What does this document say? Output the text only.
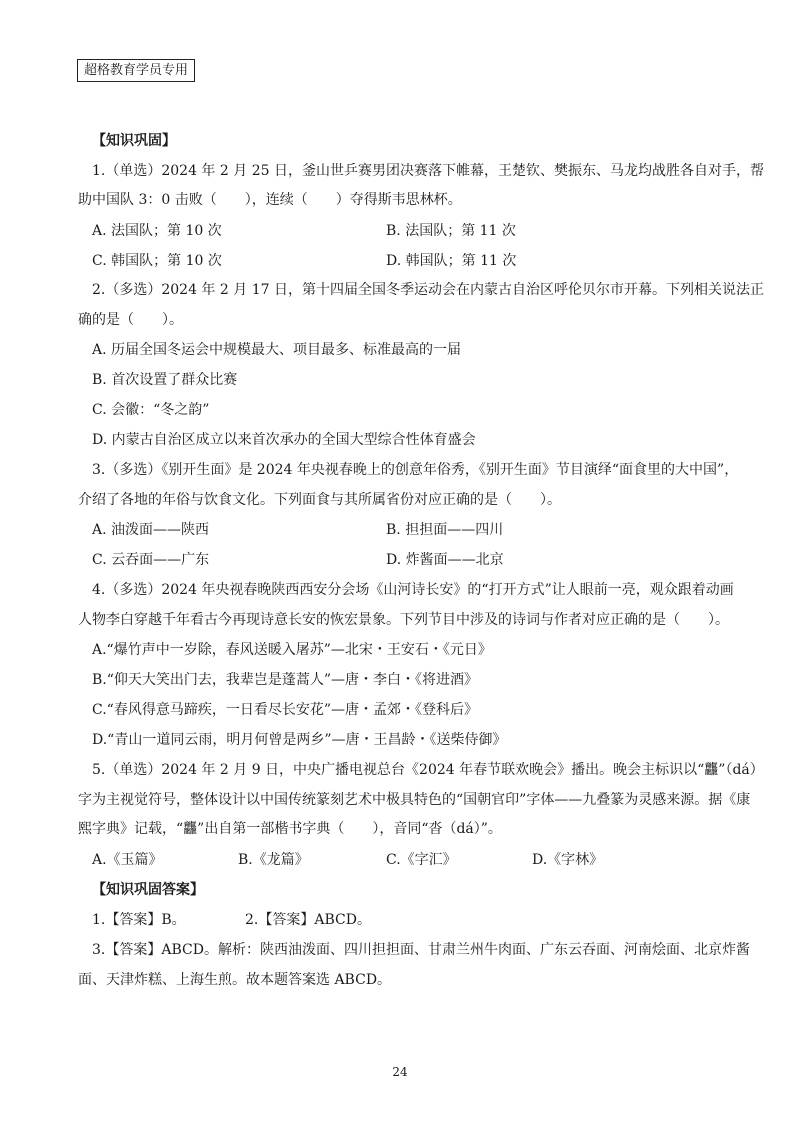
超格教育学员专用
【知识巩固】
1.（单选）2024 年 2 月 25 日，釜山世乒赛男团决赛落下帷幕，王楚钦、樊振东、马龙均战胜各自对手，帮
助中国队 3：0 击败（　　），连续（　　）夺得斯韦思林杯。
A. 法国队；第 10 次	B. 法国队；第 11 次
C. 韩国队；第 10 次	D. 韩国队；第 11 次
2.（多选）2024 年 2 月 17 日，第十四届全国冬季运动会在内蒙古自治区呼伦贝尔市开幕。下列相关说法正
确的是（　　）。
A. 历届全国冬运会中规模最大、项目最多、标准最高的一届
B. 首次设置了群众比赛
C. 会徽：“冬之韵”
D. 内蒙古自治区成立以来首次承办的全国大型综合性体育盛会
3.（多选）《别开生面》是 2024 年央视春晚上的创意年俗秀，《别开生面》节目演绎“面食里的大中国”，
介绍了各地的年俗与饮食文化。下列面食与其所属省份对应正确的是（　　）。
A. 油泼面——陕西	B. 担担面——四川
C. 云吞面——广东	D. 炸酱面——北京
4.（多选）2024 年央视春晚陕西西安分会场《山河诗长安》的“打开方式”让人眼前一亮，观众跟着动画
人物李白穿越千年看古今再现诗意长安的恢宏景象。下列节目中涉及的诗词与作者对应正确的是（　　）。
A.“爆竹声中一岁除，春风送暖入屠苏”—北宋・王安石・《元日》
B.“仰天大笑出门去，我辈岂是蓬蒿人”—唐・李白・《将进酒》
C.“春风得意马蹄疾，一日看尽长安花”—唐・孟郊・《登科后》
D.“青山一道同云雨，明月何曾是两乡”—唐・王昌龄・《送柴侍御》
5.（单选）2024 年 2 月 9 日，中央广播电视总台《2024 年春节联欢晚会》播出。晚会主标识以“龘”（dá）
字为主视觉符号，整体设计以中国传统篆刻艺术中极具特色的“国朝官印”字体——九叠篆为灵感来源。据《康
熙字典》记载，“龘”出自第一部楷书字典（　　），音同“沓（dá）”。
A.《玉篇》	B.《龙篇》	C.《字汇》	D.《字林》
【知识巩固答案】
1.【答案】B。	2.【答案】ABCD。
3.【答案】ABCD。解析：陕西油泼面、四川担担面、甘肃兰州牛肉面、广东云吞面、河南烩面、北京炸酱
面、天津炸糕、上海生煎。故本题答案选 ABCD。
24
